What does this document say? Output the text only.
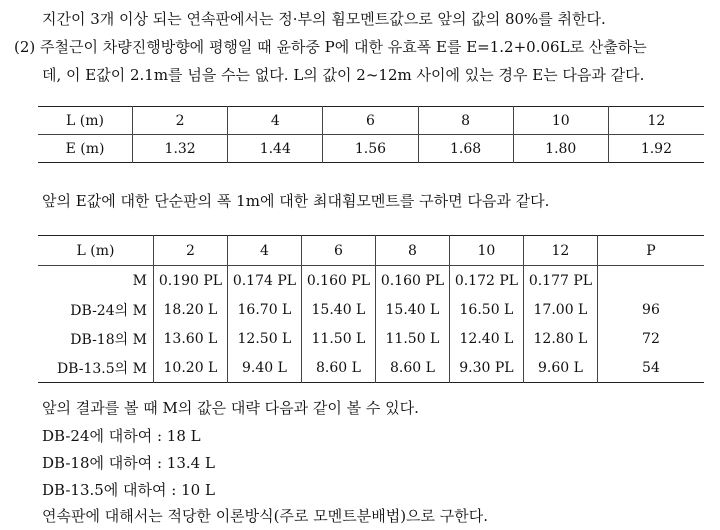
지간이 3개 이상 되는 연속판에서는 정·부의 휨모멘트값으로 앞의 값의 80%를 취한다.
(2) 주철근이 차량진행방향에 평행일 때 윤하중 P에 대한 유효폭 E를 E=1.2+0.06L로 산출하는
데, 이 E값이 2.1m를 넘을 수는 없다. L의 값이 2~12m 사이에 있는 경우 E는 다음과 같다.
L (m)	2	4	6	8	10	12
E (m)	1.32	1.44	1.56	1.68	1.80	1.92
앞의 E값에 대한 단순판의 폭 1m에 대한 최대휨모멘트를 구하면 다음과 같다.
L (m)	2	4	6	8	10	12	P
M	0.190 PL	0.174 PL	0.160 PL	0.160 PL	0.172 PL	0.177 PL	
DB-24의 M	18.20 L	16.70 L	15.40 L	15.40 L	16.50 L	17.00 L	96
DB-18의 M	13.60 L	12.50 L	11.50 L	11.50 L	12.40 L	12.80 L	72
DB-13.5의 M	10.20 L	9.40 L	8.60 L	8.60 L	9.30 PL	9.60 L	54
앞의 결과를 볼 때 M의 값은 대략 다음과 같이 볼 수 있다.
DB-24에 대하여 : 18 L
DB-18에 대하여 : 13.4 L
DB-13.5에 대하여 : 10 L
연속판에 대해서는 적당한 이론방식(주로 모멘트분배법)으로 구한다.
